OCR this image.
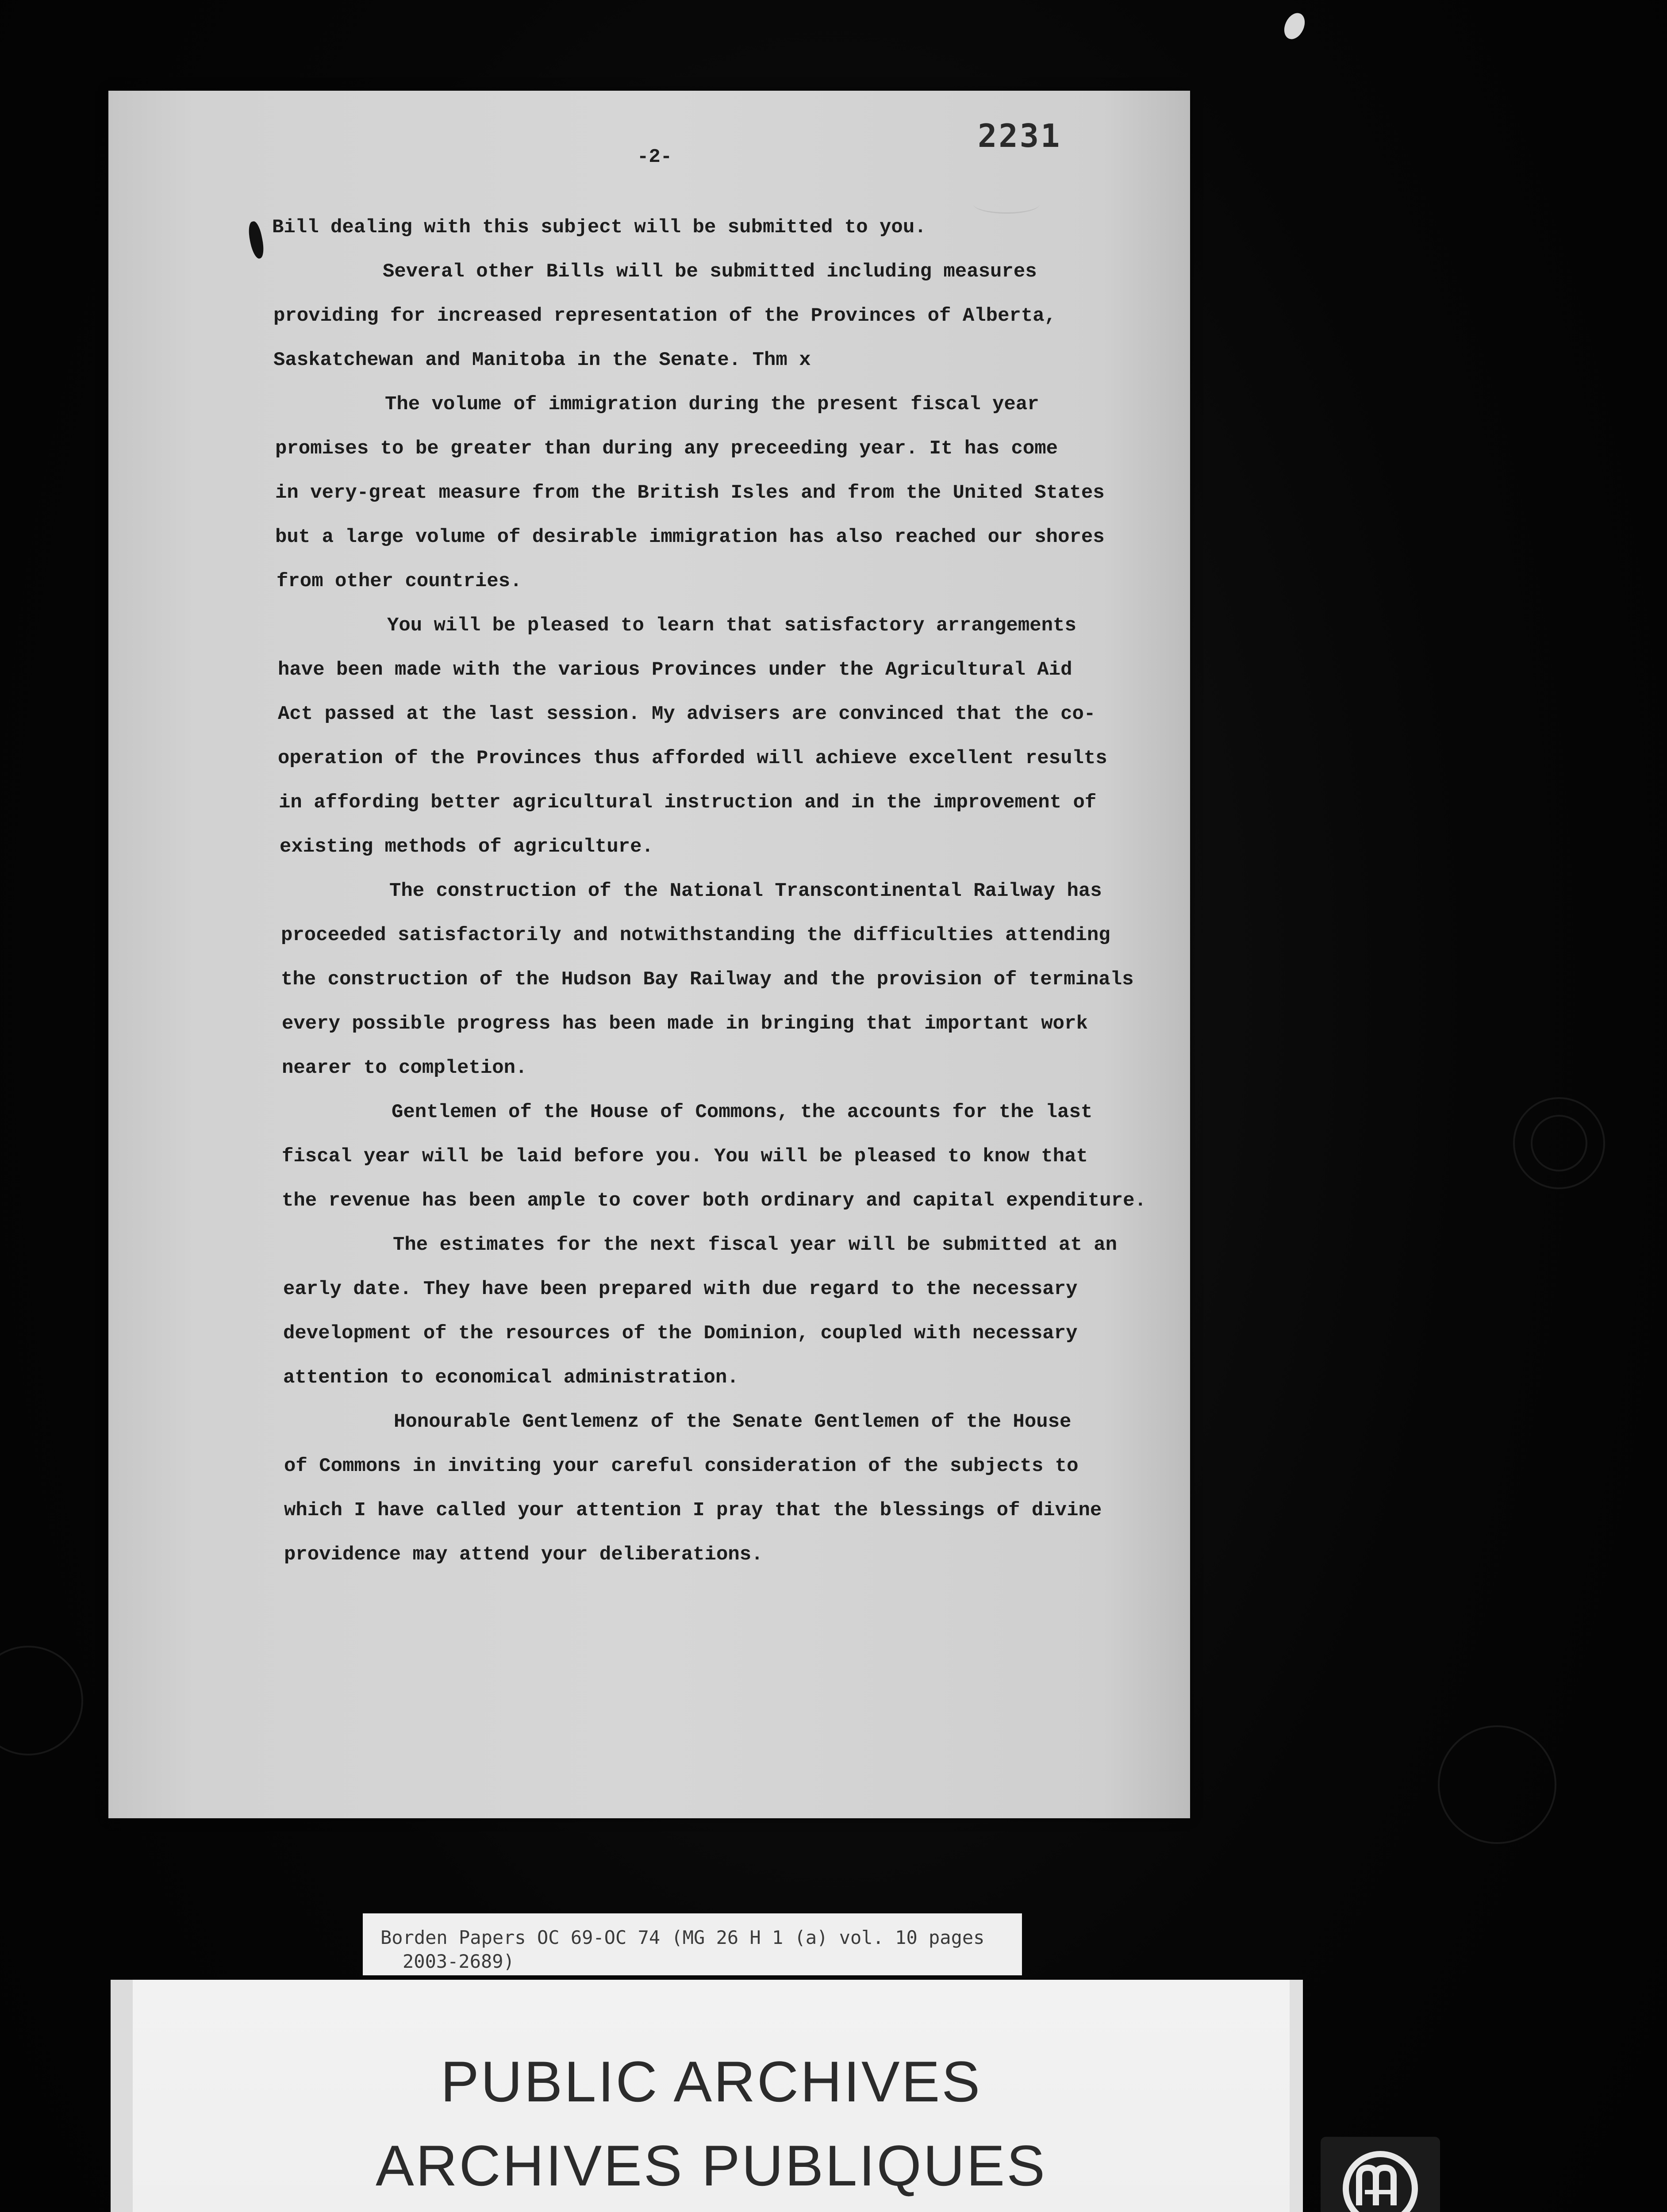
2231
-2-
Bill dealing with this subject will be submitted to you.
Several other Bills will be submitted including measures
providing for increased representation of the Provinces of Alberta,
Saskatchewan and Manitoba in the Senate. Thm x
The volume of immigration during the present fiscal year
promises to be greater than during any preceeding year. It has come
in very-great measure from the British Isles and from the United States
but a large volume of desirable immigration has also reached our shores
from other countries.
You will be pleased to learn that satisfactory arrangements
have been made with the various Provinces under the Agricultural Aid
Act passed at the last session. My advisers are convinced that the co-
operation of the Provinces thus afforded will achieve excellent results
in affording better agricultural instruction and in the improvement of
existing methods of agriculture.
The construction of the National Transcontinental Railway has
proceeded satisfactorily and notwithstanding the difficulties attending
the construction of the Hudson Bay Railway and the provision of terminals
every possible progress has been made in bringing that important work
nearer to completion.
Gentlemen of the House of Commons, the accounts for the last
fiscal year will be laid before you. You will be pleased to know that
the revenue has been ample to cover both ordinary and capital expenditure.
The estimates for the next fiscal year will be submitted at an
early date. They have been prepared with due regard to the necessary
development of the resources of the Dominion, coupled with necessary
attention to economical administration.
Honourable Gentlemenz of the Senate Gentlemen of the House
of Commons in inviting your careful consideration of the subjects to
which I have called your attention I pray that the blessings of divine
providence may attend your deliberations.
Borden Papers OC 69-OC 74 (MG 26 H 1 (a) vol. 10 pages
2003-2689)
PUBLIC ARCHIVES
ARCHIVES PUBLIQUES
